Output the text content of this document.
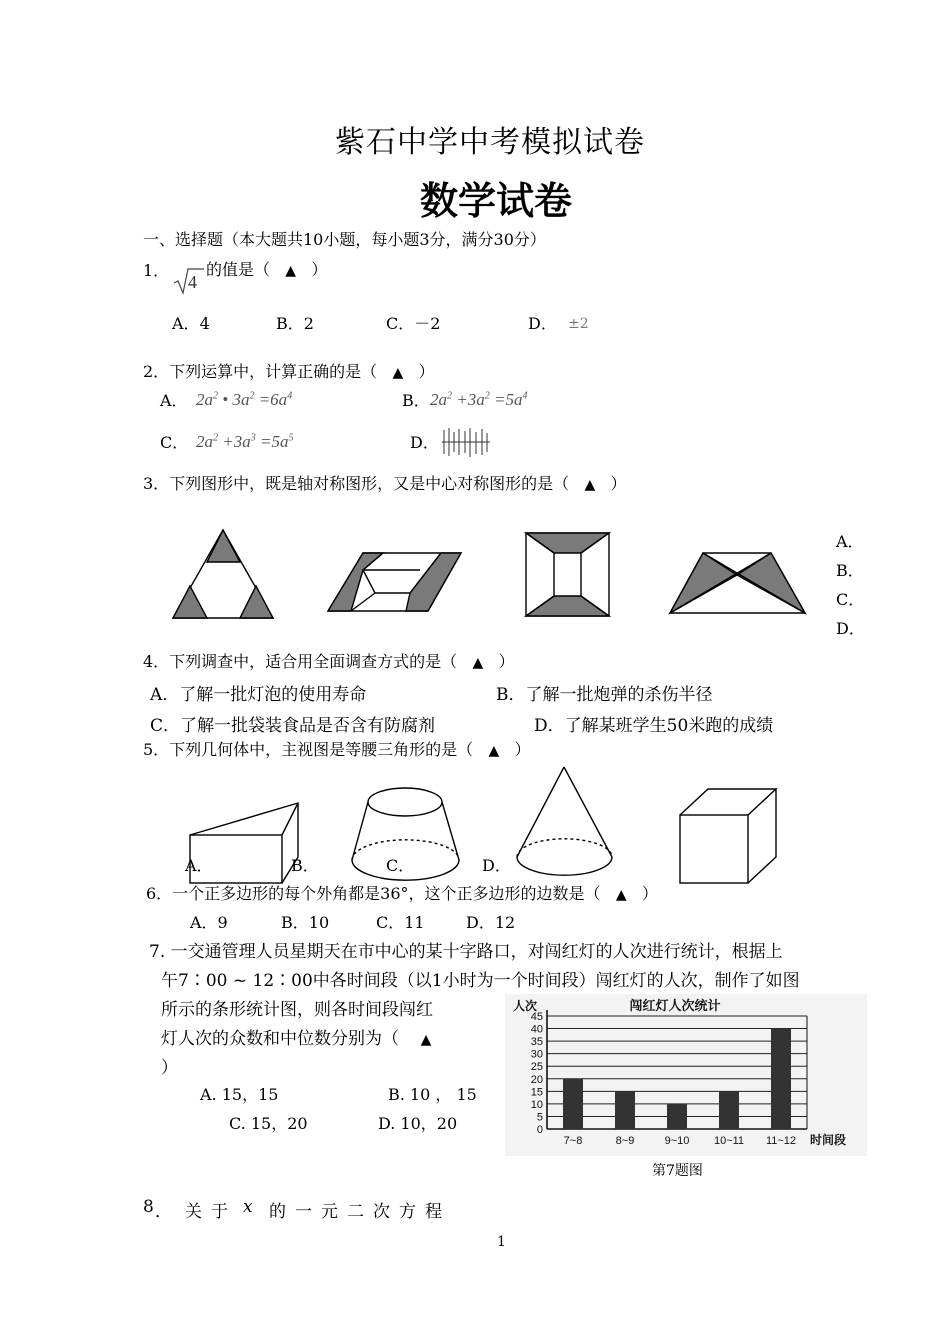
紫石中学中考模拟试卷
数学试卷
一、选择题（本大题共10小题，每小题3分，满分30分）
1．
4
的值是（ ▲ ）
A．4	B．2	C．－2	D． ±2
2．下列运算中，计算正确的是（ ▲ ）
A． $2a^2$ • $3a^2 =6a^4$	B． $2a^2 +3a^2 =5a^4$
C． $2a^2 +3a^3 =5a^5$	D．
3．下列图形中，既是轴对称图形，又是中心对称图形的是（ ▲ ）
A．
B．
C．
D．
4．下列调查中，适合用全面调查方式的是（ ▲ ）
A．了解一批灯泡的使用寿命	B．了解一批炮弹的杀伤半径
C．了解一批袋装食品是否含有防腐剂	D．了解某班学生50米跑的成绩
5．下列几何体中，主视图是等腰三角形的是（ ▲ ）
A．	B．	C．	D．
6．一个正多边形的每个外角都是36°，这个正多边形的边数是（ ▲ ）
A．9	B．10	C．11	D．12
7. 一交通管理人员星期天在市中心的某十字路口，对闯红灯的人次进行统计，根据上
午7∶00 ~ 12∶00中各时间段（以1小时为一个时间段）闯红灯的人次，制作了如图
所示的条形统计图，则各时间段闯红
灯人次的众数和中位数分别为（ ▲
）
A. 15，15	B. 10 ， 15
C. 15，20	D. 10，20	0
5
10
15
20
25
30
35
40
45
7~8	8~9	9~10 10~11 11~12
闯红灯人次统计
人次
时间段
第7题图
8 ． 关 于 x 的 一 元 二 次 方 程
1
